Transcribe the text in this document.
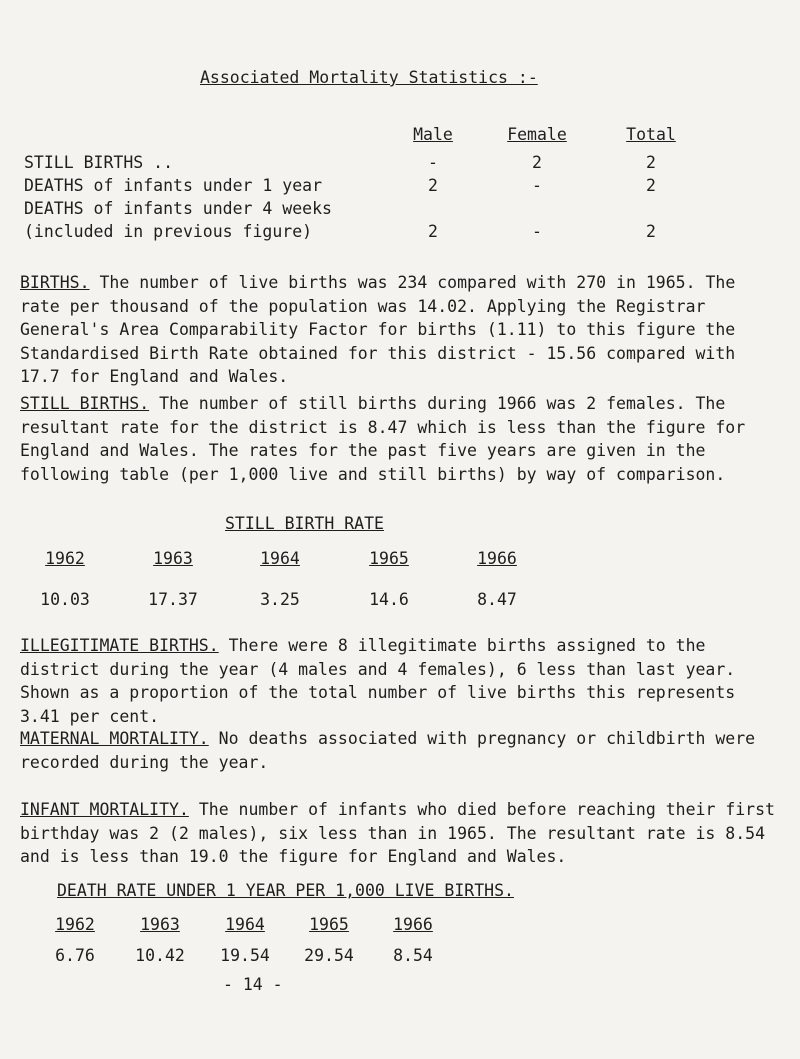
Associated Mortality Statistics :-
Male	Female	Total
STILL BIRTHS ..	-	2	2
DEATHS of infants under 1 year	2	-	2
DEATHS of infants under 4 weeks
(included in previous figure)	2	-	2

BIRTHS. The number of live births was 234 compared with 270 in 1965. The rate per thousand of the population was 14.02. Applying the Registrar General's Area Comparability Factor for births (1.11) to this figure the Standardised Birth Rate obtained for this district - 15.56 compared with 17.7 for England and Wales.

STILL BIRTHS. The number of still births during 1966 was 2 females. The resultant rate for the district is 8.47 which is less than the figure for England and Wales. The rates for the past five years are given in the following table (per 1,000 live and still births) by way of comparison.

STILL BIRTH RATE
1962	1963	1964	1965	1966
10.03	17.37	3.25	14.6	8.47

ILLEGITIMATE BIRTHS. There were 8 illegitimate births assigned to the district during the year (4 males and 4 females), 6 less than last year. Shown as a proportion of the total number of live births this represents 3.41 per cent.

MATERNAL MORTALITY. No deaths associated with pregnancy or childbirth were recorded during the year.

INFANT MORTALITY. The number of infants who died before reaching their first birthday was 2 (2 males), six less than in 1965. The resultant rate is 8.54 and is less than 19.0 the figure for England and Wales.

DEATH RATE UNDER 1 YEAR PER 1,000 LIVE BIRTHS.
1962	1963	1964	1965	1966
6.76	10.42	19.54	29.54	8.54
- 14 -
